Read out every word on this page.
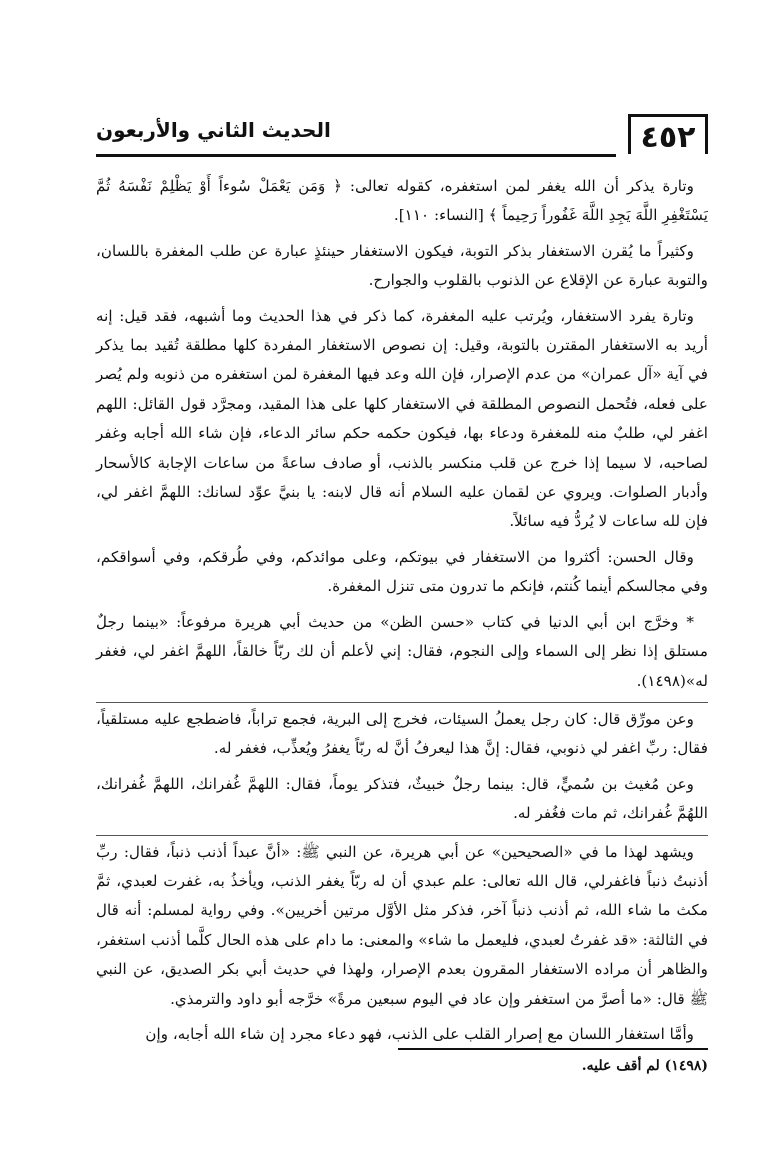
الحديث الثاني والأربعون	٤٥٢

وتارة يذكر أن الله يغفر لمن استغفره، كقوله تعالى: ﴿ وَمَن يَعْمَلْ سُوءاً أَوْ يَظْلِمْ نَفْسَهُ ثُمَّ يَسْتَغْفِرِ اللَّهَ يَجِدِ اللَّهَ غَفُوراً رَحِيماً ﴾ [النساء: ١١٠].

وكثيراً ما يُقرن الاستغفار بذكر التوبة، فيكون الاستغفار حينئذٍ عبارة عن طلب المغفرة باللسان، والتوبة عبارة عن الإقلاع عن الذنوب بالقلوب والجوارح.

وتارة يفرد الاستغفار، ويُرتب عليه المغفرة، كما ذكر في هذا الحديث وما أشبهه، فقد قيل: إنه أريد به الاستغفار المقترن بالتوبة، وقيل: إن نصوص الاستغفار المفردة كلها مطلقة تُقيد بما يذكر في آية «آل عمران» من عدم الإصرار، فإن الله وعد فيها المغفرة لمن استغفره من ذنوبه ولم يُصر على فعله، فتُحمل النصوص المطلقة في الاستغفار كلها على هذا المقيد، ومجرَّد قول القائل: اللهم اغفر لي، طلبٌ منه للمغفرة ودعاء بها، فيكون حكمه حكم سائر الدعاء، فإن شاء الله أجابه وغفر لصاحبه، لا سيما إذا خرج عن قلب منكسر بالذنب، أو صادف ساعةً من ساعات الإجابة كالأسحار وأدبار الصلوات. ويروي عن لقمان عليه السلام أنه قال لابنه: يا بنيَّ عوِّد لسانك: اللهمَّ اغفر لي، فإن لله ساعات لا يُردُّ فيه سائلاً.

وقال الحسن: أكثروا من الاستغفار في بيوتكم، وعلى موائدكم، وفي طُرقكم، وفي أسواقكم، وفي مجالسكم أينما كُنتم، فإنكم ما تدرون متى تنزل المغفرة.

* وخرَّج ابن أبي الدنيا في كتاب «حسن الظن» من حديث أبي هريرة مرفوعاً: «بينما رجلٌ مستلق إذا نظر إلى السماء وإلى النجوم، فقال: إني لأعلم أن لك ربّاً خالقاً، اللهمَّ اغفر لي، فغفر له»(١٤٩٨).

وعن مورِّق قال: كان رجل يعملُ السيئات، فخرج إلى البرية، فجمع تراباً، فاضطجع عليه مستلقياً، فقال: ربِّ اغفر لي ذنوبي، فقال: إنَّ هذا ليعرفُ أنَّ له ربّاً يغفرُ ويُعذِّب، فغفر له.

وعن مُغيث بن سُميٍّ، قال: بينما رجلٌ خبيثٌ، فتذكر يوماً، فقال: اللهمَّ غُفرانك، اللهمَّ غُفرانك، اللهُمَّ غُفرانك، ثم مات فغُفر له.

ويشهد لهذا ما في «الصحيحين» عن أبي هريرة، عن النبي ﷺ: «أنَّ عبداً أذنب ذنباً، فقال: ربِّ أذنبتُ ذنباً فاغفرلي، قال الله تعالى: علم عبدي أن له ربّاً يغفر الذنب، ويأخذُ به، غفرت لعبدي، ثمَّ مكث ما شاء الله، ثم أذنب ذنباً آخر، فذكر مثل الأوَّل مرتين أخريين». وفي رواية لمسلم: أنه قال في الثالثة: «قد غفرتُ لعبدي، فليعمل ما شاء» والمعنى: ما دام على هذه الحال كلَّما أذنب استغفر، والظاهر أن مراده الاستغفار المقرون بعدم الإصرار، ولهذا في حديث أبي بكر الصديق، عن النبي ﷺ قال: «ما أصرَّ من استغفر وإن عاد في اليوم سبعين مرةً» خرَّجه أبو داود والترمذي.

وأمَّا استغفار اللسان مع إصرار القلب على الذنب، فهو دعاء مجرد إن شاء الله أجابه، وإن

(١٤٩٨) لم أقف عليه.
